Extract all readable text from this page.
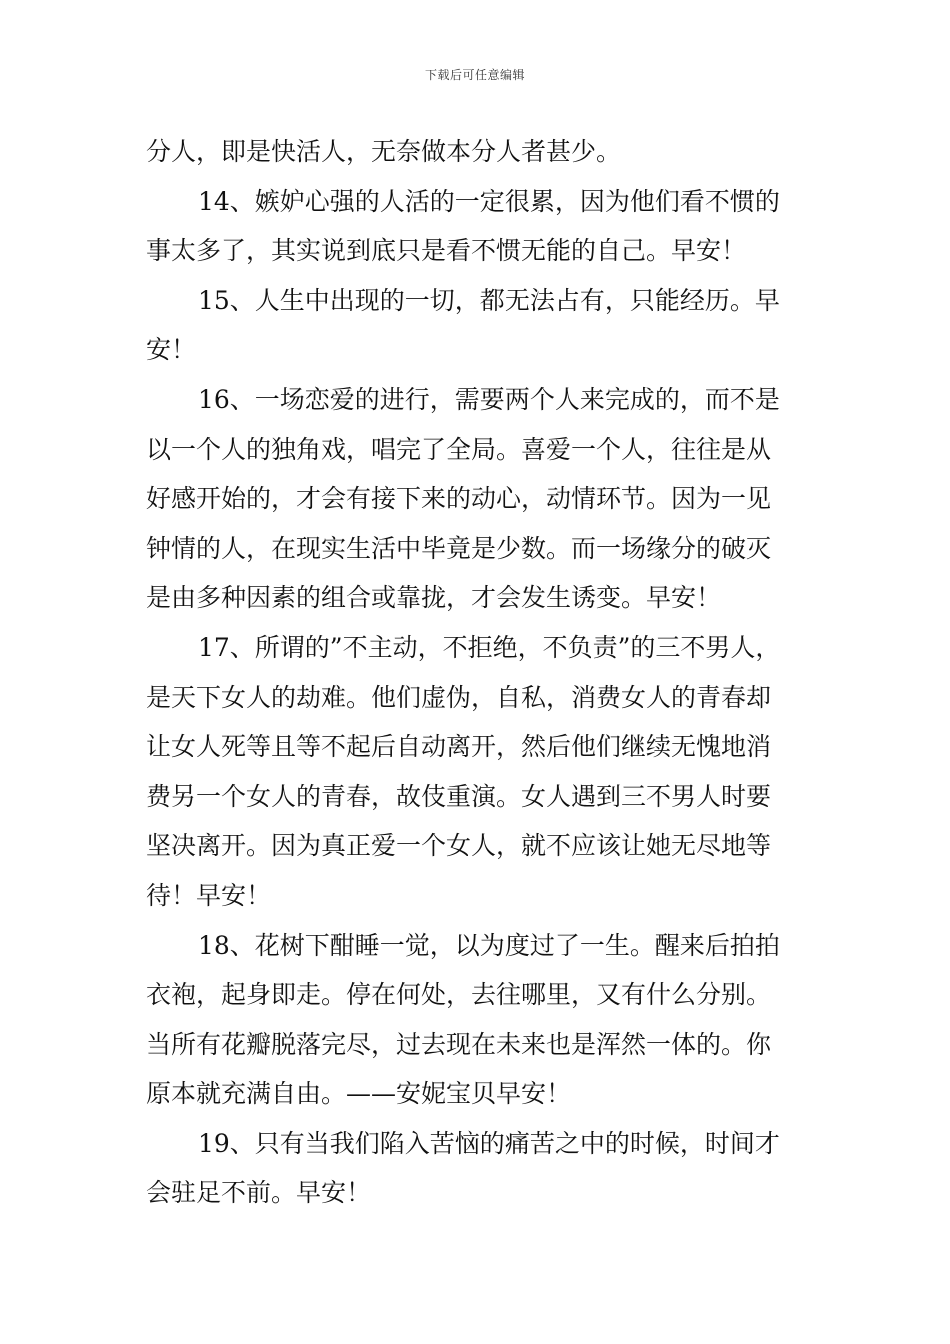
下载后可任意编辑
分人，即是快活人，无奈做本分人者甚少。
14、嫉妒心强的人活的一定很累，因为他们看不惯的
事太多了，其实说到底只是看不惯无能的自己。早安！
15、人生中出现的一切，都无法占有，只能经历。早
安！
16、一场恋爱的进行，需要两个人来完成的，而不是
以一个人的独角戏，唱完了全局。喜爱一个人，往往是从
好感开始的，才会有接下来的动心，动情环节。因为一见
钟情的人，在现实生活中毕竟是少数。而一场缘分的破灭
是由多种因素的组合或靠拢，才会发生诱变。早安！
17、所谓的”不主动，不拒绝，不负责”的三不男人，
是天下女人的劫难。他们虚伪，自私，消费女人的青春却
让女人死等且等不起后自动离开，然后他们继续无愧地消
费另一个女人的青春，故伎重演。女人遇到三不男人时要
坚决离开。因为真正爱一个女人，就不应该让她无尽地等
待！早安！
18、花树下酣睡一觉，以为度过了一生。醒来后拍拍
衣袍，起身即走。停在何处，去往哪里，又有什么分别。
当所有花瓣脱落完尽，过去现在未来也是浑然一体的。你
原本就充满自由。——安妮宝贝早安！
19、只有当我们陷入苦恼的痛苦之中的时候，时间才
会驻足不前。早安！
